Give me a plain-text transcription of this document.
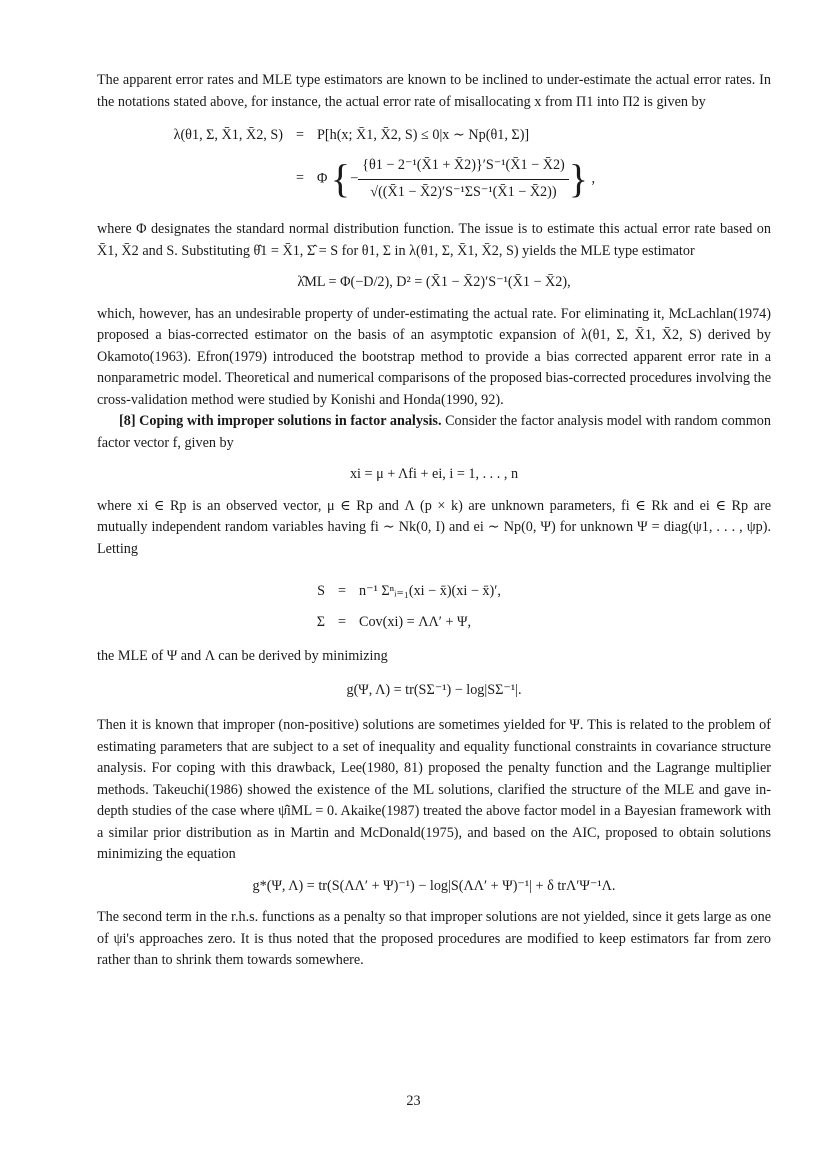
The apparent error rates and MLE type estimators are known to be inclined to under-estimate the actual error rates. In the notations stated above, for instance, the actual error rate of misallocating x from Π1 into Π2 is given by

λ(θ1, Σ, X̄1, X̄2, S) = P[h(x; X̄1, X̄2, S) ≤ 0|x ∼ Np(θ1, Σ)]
= Φ {− $\frac{\text{\{θ1 − 2⁻¹(X̄1 + X̄2)\}′S⁻¹(X̄1 − X̄2)}}{\text{√((X̄1 − X̄2)′S⁻¹ΣS⁻¹(X̄1 − X̄2))}}$ } ,

where Φ designates the standard normal distribution function. The issue is to estimate this actual error rate based on X̄1, X̄2 and S. Substituting θ̂1 = X̄1, Σ̂ = S for θ1, Σ in λ(θ1, Σ, X̄1, X̄2, S) yields the MLE type estimator

λ̂ML = Φ(−D/2), D² = (X̄1 − X̄2)′S⁻¹(X̄1 − X̄2),

which, however, has an undesirable property of under-estimating the actual rate. For eliminating it, McLachlan(1974) proposed a bias-corrected estimator on the basis of an asymptotic expansion of λ(θ1, Σ, X̄1, X̄2, S) derived by Okamoto(1963). Efron(1979) introduced the bootstrap method to provide a bias corrected apparent error rate in a nonparametric model. Theoretical and numerical comparisons of the proposed bias-corrected procedures involving the cross-validation method were studied by Konishi and Honda(1990, 92).

[8] Coping with improper solutions in factor analysis. Consider the factor analysis model with random common factor vector f, given by

xi = μ + Λfi + ei, i = 1, . . . , n

where xi ∈ Rp is an observed vector, μ ∈ Rp and Λ (p × k) are unknown parameters, fi ∈ Rk and ei ∈ Rp are mutually independent random variables having fi ∼ Nk(0, I) and ei ∼ Np(0, Ψ) for unknown Ψ = diag(ψ1, . . . , ψp). Letting

S = n⁻¹ Σⁿᵢ₌₁(xi − x̄)(xi − x̄)′,
Σ = Cov(xi) = ΛΛ′ + Ψ,

the MLE of Ψ and Λ can be derived by minimizing

g(Ψ, Λ) = tr(SΣ⁻¹) − log|SΣ⁻¹|.

Then it is known that improper (non-positive) solutions are sometimes yielded for Ψ. This is related to the problem of estimating parameters that are subject to a set of inequality and equality functional constraints in covariance structure analysis. For coping with this drawback, Lee(1980, 81) proposed the penalty function and the Lagrange multiplier methods. Takeuchi(1986) showed the existence of the ML solutions, clarified the structure of the MLE and gave in-depth studies of the case where ψ̂iML = 0. Akaike(1987) treated the above factor model in a Bayesian framework with a similar prior distribution as in Martin and McDonald(1975), and based on the AIC, proposed to obtain solutions minimizing the equation

g*(Ψ, Λ) = tr(S(ΛΛ′ + Ψ)⁻¹) − log|S(ΛΛ′ + Ψ)⁻¹| + δ trΛ′Ψ⁻¹Λ.

The second term in the r.h.s. functions as a penalty so that improper solutions are not yielded, since it gets large as one of ψi's approaches zero. It is thus noted that the proposed procedures are modified to keep estimators far from zero rather than to shrink them towards somewhere.

23
